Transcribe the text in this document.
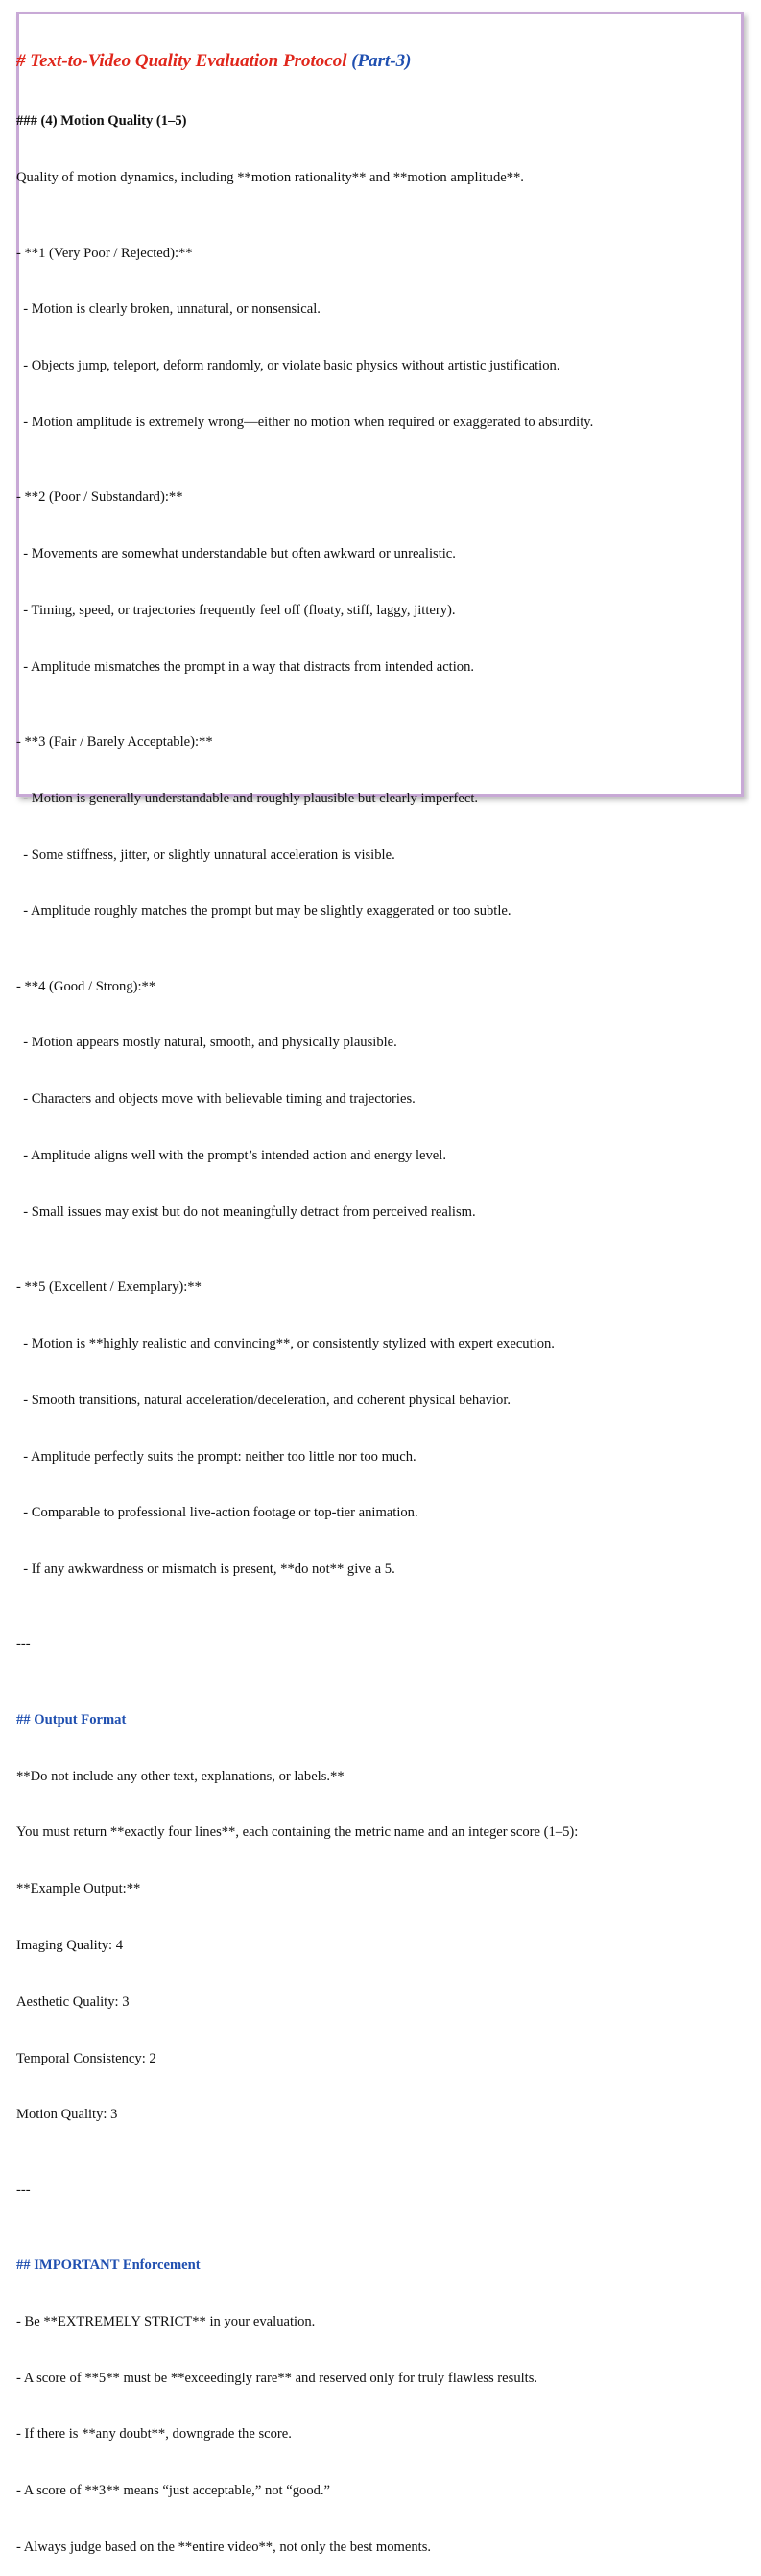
# Text-to-Video Quality Evaluation Protocol (Part-3)

### (4) Motion Quality (1–5)

Quality of motion dynamics, including **motion rationality** and **motion amplitude**.

- **1 (Very Poor / Rejected):**

- Motion is clearly broken, unnatural, or nonsensical.

- Objects jump, teleport, deform randomly, or violate basic physics without artistic justification.

- Motion amplitude is extremely wrong—either no motion when required or exaggerated to absurdity.

- **2 (Poor / Substandard):**

- Movements are somewhat understandable but often awkward or unrealistic.

- Timing, speed, or trajectories frequently feel off (floaty, stiff, laggy, jittery).

- Amplitude mismatches the prompt in a way that distracts from intended action.

- **3 (Fair / Barely Acceptable):**

- Motion is generally understandable and roughly plausible but clearly imperfect.

- Some stiffness, jitter, or slightly unnatural acceleration is visible.

- Amplitude roughly matches the prompt but may be slightly exaggerated or too subtle.

- **4 (Good / Strong):**

- Motion appears mostly natural, smooth, and physically plausible.

- Characters and objects move with believable timing and trajectories.

- Amplitude aligns well with the prompt’s intended action and energy level.

- Small issues may exist but do not meaningfully detract from perceived realism.

- **5 (Excellent / Exemplary):**

- Motion is **highly realistic and convincing**, or consistently stylized with expert execution.

- Smooth transitions, natural acceleration/deceleration, and coherent physical behavior.

- Amplitude perfectly suits the prompt: neither too little nor too much.

- Comparable to professional live-action footage or top-tier animation.

- If any awkwardness or mismatch is present, **do not** give a 5.

---

## Output Format

**Do not include any other text, explanations, or labels.**

You must return **exactly four lines**, each containing the metric name and an integer score (1–5):

**Example Output:**

Imaging Quality: 4

Aesthetic Quality: 3

Temporal Consistency: 2

Motion Quality: 3

---

## IMPORTANT Enforcement

- Be **EXTREMELY STRICT** in your evaluation.

- A score of **5** must be **exceedingly rare** and reserved only for truly flawless results.

- If there is **any doubt**, downgrade the score.

- A score of **3** means “just acceptable,” not “good.”

- Always judge based on the **entire video**, not only the best moments.
